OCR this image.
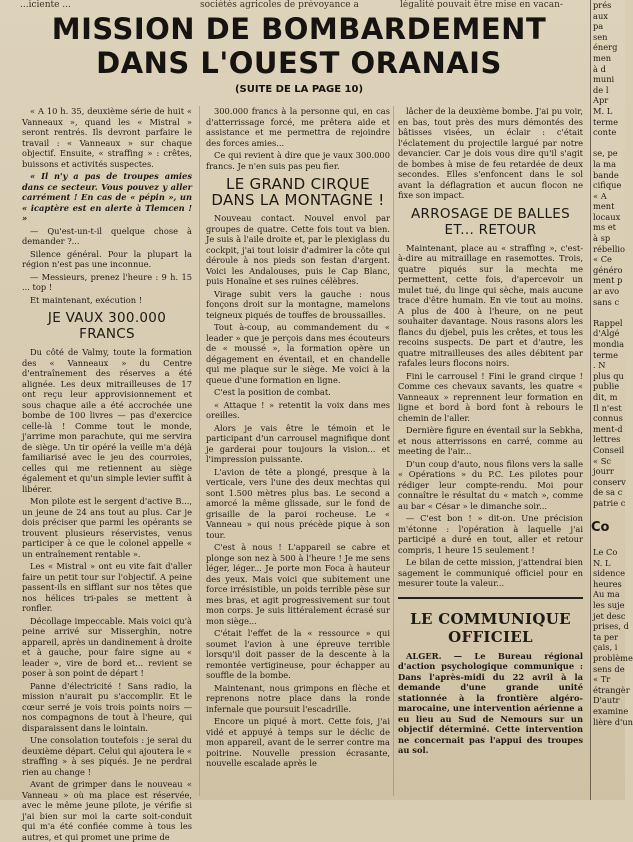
...iciente ...	sociétés agricoles de prévoyance a	légalité pouvait être mise en vacan-
MISSION DE BOMBARDEMENT
DANS L'OUEST ORANAIS
(SUITE DE LA PAGE 10)

« A 10 h. 35, deuxième série de huit « Vanneaux », quand les « Mistral » seront rentrés. Ils devront parfaire le travail : « Vanneaux » sur chaque objectif. Ensuite, « straffing » : crêtes, buissons et activités suspectes.

« Il n'y a pas de troupes amies dans ce secteur. Vous pouvez y aller carrément ! En cas de « pépin », un « icaptère est en alerte à Tlemcen ! »

— Qu'est-un-t-il quelque chose à demander ?...

Silence général. Pour la plupart la région n'est pas une inconnue.

— Messieurs, prenez l'heure : 9 h. 15 ... top !

Et maintenant, exécution !

JE VAUX 300.000 FRANCS

Du côté de Valmy, toute la formation des « Vanneaux » du Centre d'entraînement des réserves a été alignée. Les deux mitrailleuses de 17 ont reçu leur approvisionnement et sous chaque aile a été accrochée une bombe de 100 livres — pas d'exercice celle-là ! Comme tout le monde, j'arrime mon parachute, qui me servira de siège. Un tir opéré la veille m'a déjà familiarisé avec le jeu des courroies, celles qui me retiennent au siège également et qu'un simple levier suffit à libérer.

Mon pilote est le sergent d'active B..., un jeune de 24 ans tout au plus. Car je dois préciser que parmi les opérants se trouvent plusieurs réservistes, venus participer à ce que le colonel appelle « un entraînement rentable ».

Les « Mistral » ont eu vite fait d'aller faire un petit tour sur l'objectif. A peine passent-ils en sifflant sur nos têtes que nos hélices tri-pales se mettent à ronfler.

Décollage impeccable. Mais voici qu'à peine arrivé sur Misserghin, notre appareil, après un dandinement à droite et à gauche, pour faire signe au « leader », vire de bord et... revient se poser à son point de départ !

Panne d'électricité ! Sans radio, la mission n'aurait pu s'accomplir. Et le cœur serré je vois trois points noirs — nos compagnons de tout à l'heure, qui disparaissent dans le lointain.

Une consolation toutefois : je serai du deuxième départ. Celui qui ajoutera le « straffing » à ses piqués. Je ne perdrai rien au change !

Avant de grimper dans le nouveau « Vanneau » où ma place est réservée, avec le même jeune pilote, je vérifie si j'ai bien sur moi la carte soit-conduit qui m'a été confiée comme à tous les autres, et qui promet une prime de

300.000 francs à la personne qui, en cas d'atterrissage forcé, me prêtera aide et assistance et me permettra de rejoindre des forces amies...

Ce qui revient à dire que je vaux 300.000 francs. Je n'en suis pas peu fier.

LE GRAND CIRQUE DANS LA MONTAGNE !

Nouveau contact. Nouvel envol par groupes de quatre. Cette fois tout va bien. Je suis à l'aile droite et, par le plexiglass du cockpit, j'ai tout loisir d'admirer la côte qui déroule à nos pieds son festan d'argent. Voici les Andalouses, puis le Cap Blanc, puis Honaïne et ses ruines célèbres.

Virage subit vers la gauche : nous fonçons droit sur la montagne, mamelons teigneux piqués de touffes de broussailles.

Tout à-coup, au commandement du « leader » que je perçois dans mes écouteurs de « moussé », la formation opère un dégagement en éventail, et en chandelle qui me plaque sur le siège. Me voici à la queue d'une formation en ligne.

C'est la position de combat.

« Attaque ! » retentit la voix dans mes oreilles.

Alors je vais être le témoin et le participant d'un carrousel magnifique dont je garderai pour toujours la vision... et l'impression puissante.

L'avion de tête a plongé, presque à la verticale, vers l'une des deux mechtas qui sont 1.500 mètres plus bas. Le second a amorcé la même glissade, sur le fond de grisaille de la paroi rocheuse. Le « Vanneau » qui nous précède pique à son tour.

C'est à nous ! L'appareil se cabre et plonge son nez à 500 à l'heure ! Je me sens léger, léger... Je porte mon Foca à hauteur des yeux. Mais voici que subitement une force irrésistible, un poids terrible pèse sur mes bras, et agit progressivement sur tout mon corps. Je suis littéralement écrasé sur mon siège...

C'était l'effet de la « ressource » qui soumet l'avion à une épreuve terrible lorsqu'il doit passer de la descente à la remontée vertigineuse, pour échapper au souffle de la bombe.

Maintenant, nous grimpons en flèche et reprenons notre place dans la ronde infernale que poursuit l'escadrille.

Encore un piqué à mort. Cette fois, j'ai vidé et appuyé à temps sur le déclic de mon appareil, avant de le serrer contre ma poitrine. Nouvelle pression écrasante, nouvelle escalade après le

lâcher de la deuxième bombe. J'ai pu voir, en bas, tout près des murs démontés des bâtisses visées, un éclair : c'était l'éclatement du projectile largué par notre devancier. Car je dois vous dire qu'il s'agit de bombes à mise de feu retardée de deux secondes. Elles s'enfoncent dans le sol avant la déflagration et aucun flocon ne fixe son impact.

ARROSAGE DE BALLES ET... RETOUR

Maintenant, place au « straffing », c'est-à-dire au mitraillage en rasemottes. Trois, quatre piqués sur la mechta me permettent, cette fois, d'apercevoir un mulet tué, du linge qui sèche, mais aucune trace d'être humain. En vie tout au moins. A plus de 400 à l'heure, on ne peut souhaiter davantage. Nous rasons alors les flancs du djebel, puis les crêtes, et tous les recoins suspects. De part et d'autre, les quatre mitrailleuses des ailes débitent par rafales leurs flocons noirs.

Fini le carrousel ! Fini le grand cirque ! Comme ces chevaux savants, les quatre « Vanneaux » reprennent leur formation en ligne et bord à bord font à rebours le chemin de l'aller.

Dernière figure en éventail sur la Sebkha, et nous atterrissons en carré, comme au meeting de l'air...

D'un coup d'auto, nous filons vers la salle « Opérations » du P.C. Les pilotes pour rédiger leur compte-rendu. Moi pour connaître le résultat du « match », comme au bar « César » le dimanche soir...

— C'est bon ! » dit-on. Une précision m'étonne : l'opération à laquelle j'ai participé a duré en tout, aller et retour compris, 1 heure 15 seulement !

Le bilan de cette mission, j'attendrai bien sagement le communiqué officiel pour en mesurer toute la valeur...

LE COMMUNIQUE OFFICIEL

ALGER. — Le Bureau régional d'action psychologique communique : Dans l'après-midi du 22 avril à la demande d'une grande unité stationnée à la frontière algéro-marocaine, une intervention aérienne a eu lieu au Sud de Nemours sur un objectif déterminé. Cette intervention ne concernait pas l'appui des troupes au sol.

prés
aux
pa
sen
énerg
men
à d
muni
de l
Apr
M. L
terme
conte

se, pe
la ma
bande
cifique
« A
ment
locaux
ms et
à sp
rébellio
« Ce
généro
ment p
ar avo
sans c

Rappel
d'Algé
mondia
terme
. N
plus qu
publie
dit, m
Il n'est
connus
ment-d
lettres
Conseil
« Sc
jourr
conserv
de sa c
patrie c
Co
Le Co
N. L
sidence
heures
Au ma
les suje
jet desc
prises, d
ta per
çais, i
problème
sens de
« Tr
étrangèr
D'autr
examine
lière d'un
